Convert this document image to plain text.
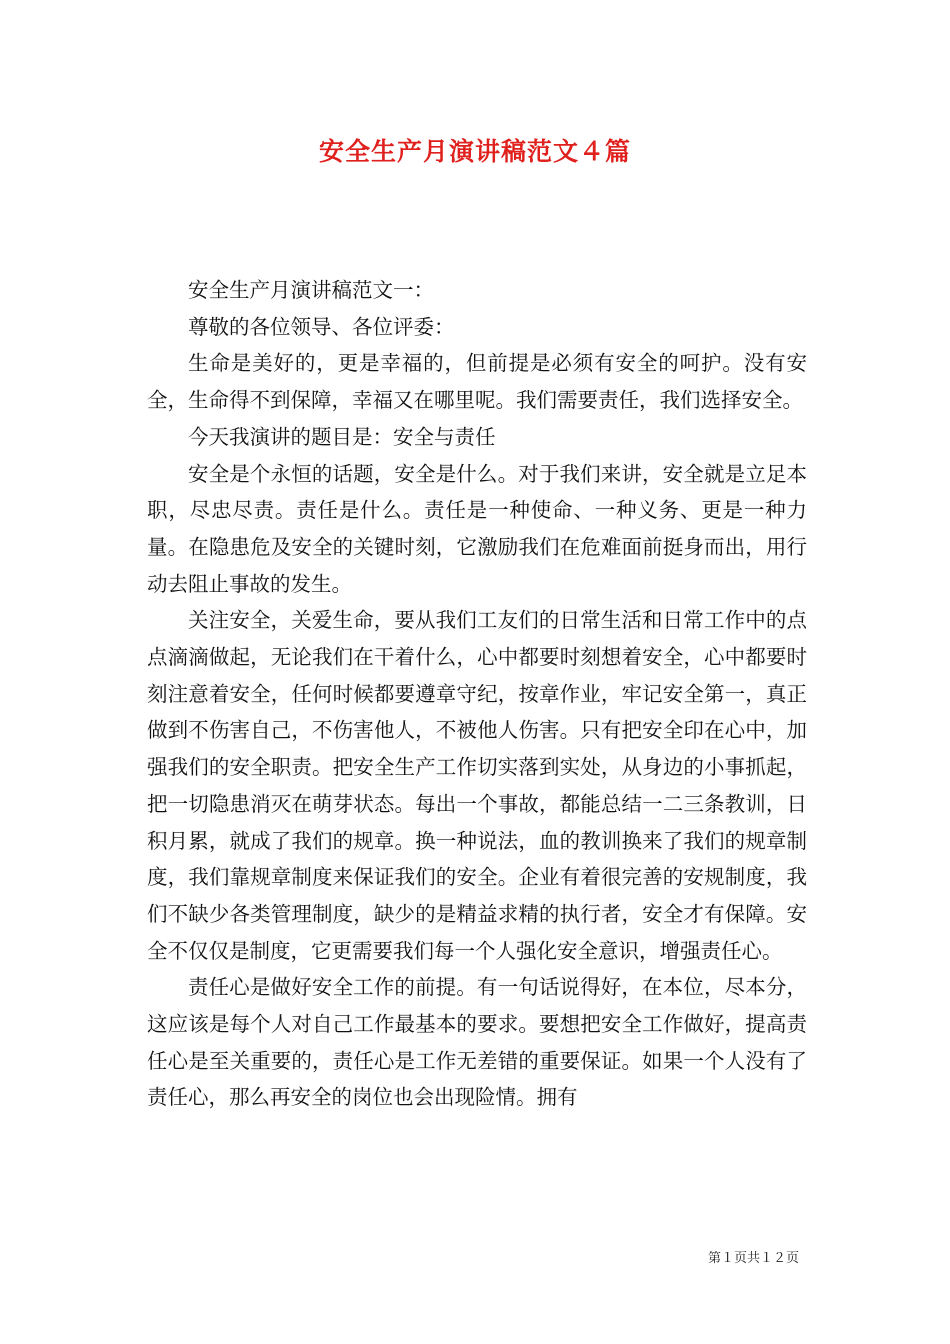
安全生产月演讲稿范文４篇

安全生产月演讲稿范文一：

尊敬的各位领导、各位评委：

生命是美好的，更是幸福的，但前提是必须有安全的呵护。没有安全，生命得不到保障，幸福又在哪里呢。我们需要责任，我们选择安全。

今天我演讲的题目是：安全与责任

安全是个永恒的话题，安全是什么。对于我们来讲，安全就是立足本职，尽忠尽责。责任是什么。责任是一种使命、一种义务、更是一种力量。在隐患危及安全的关键时刻，它激励我们在危难面前挺身而出，用行动去阻止事故的发生。

关注安全，关爱生命，要从我们工友们的日常生活和日常工作中的点点滴滴做起，无论我们在干着什么，心中都要时刻想着安全，心中都要时刻注意着安全，任何时候都要遵章守纪，按章作业，牢记安全第一，真正做到不伤害自己，不伤害他人，不被他人伤害。只有把安全印在心中，加强我们的安全职责。把安全生产工作切实落到实处，从身边的小事抓起，把一切隐患消灭在萌芽状态。每出一个事故，都能总结一二三条教训，日积月累，就成了我们的规章。换一种说法，血的教训换来了我们的规章制度，我们靠规章制度来保证我们的安全。企业有着很完善的安规制度，我们不缺少各类管理制度，缺少的是精益求精的执行者，安全才有保障。安全不仅仅是制度，它更需要我们每一个人强化安全意识，增强责任心。

责任心是做好安全工作的前提。有一句话说得好，在本位，尽本分，这应该是每个人对自己工作最基本的要求。要想把安全工作做好，提高责任心是至关重要的，责任心是工作无差错的重要保证。如果一个人没有了责任心，那么再安全的岗位也会出现险情。拥有

第１页共１２页
